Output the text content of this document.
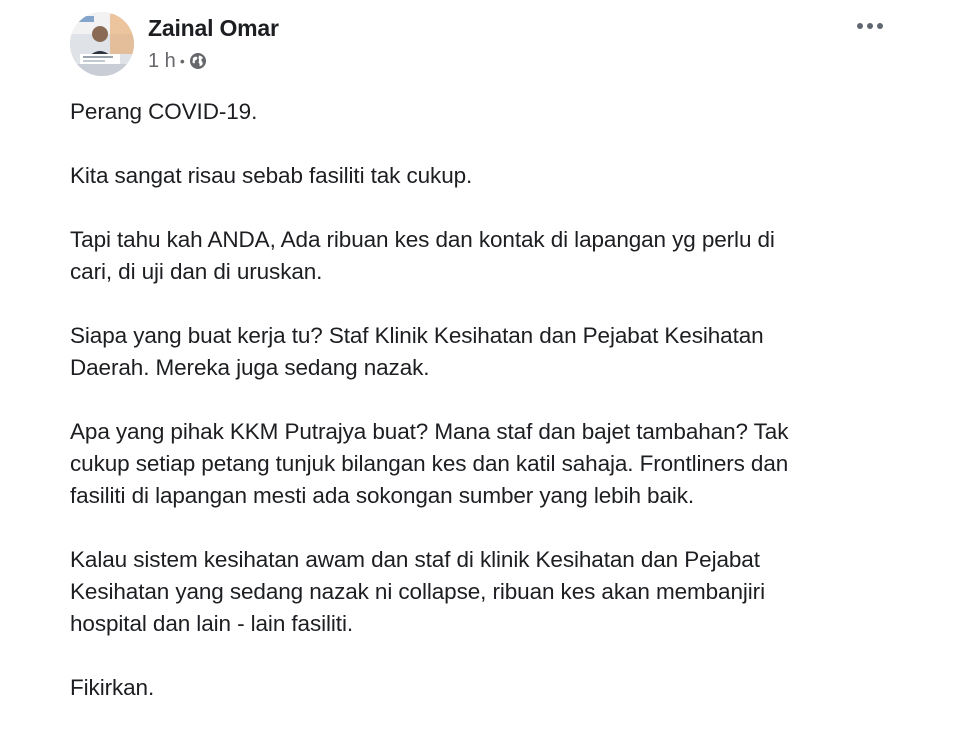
Zainal Omar
1 h •

Perang COVID-19.

Kita sangat risau sebab fasiliti tak cukup.

Tapi tahu kah ANDA, Ada ribuan kes dan kontak di lapangan yg perlu di
cari, di uji dan di uruskan.

Siapa yang buat kerja tu? Staf Klinik Kesihatan dan Pejabat Kesihatan
Daerah. Mereka juga sedang nazak.

Apa yang pihak KKM Putrajya buat? Mana staf dan bajet tambahan? Tak
cukup setiap petang tunjuk bilangan kes dan katil sahaja. Frontliners dan
fasiliti di lapangan mesti ada sokongan sumber yang lebih baik.

Kalau sistem kesihatan awam dan staf di klinik Kesihatan dan Pejabat
Kesihatan yang sedang nazak ni collapse, ribuan kes akan membanjiri
hospital dan lain - lain fasiliti.

Fikirkan.
